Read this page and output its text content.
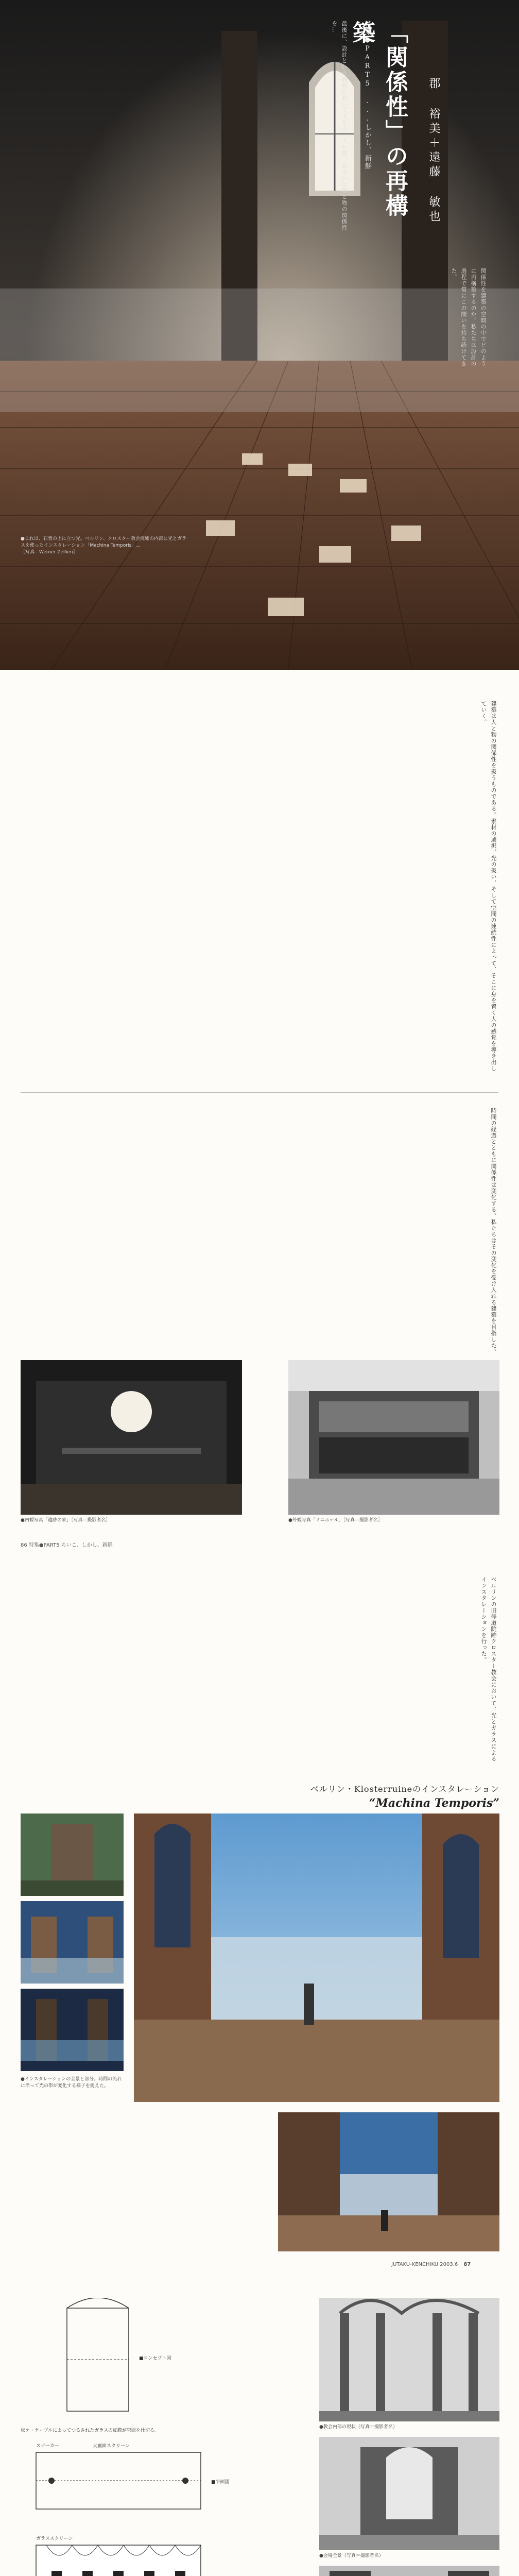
特集●PART5 ...しかし、新鮮 「関係性」の再構築
郡 裕美＋遠藤 敏也
最後に、設計という過程において人と人、人と物、あるいは物と物の関係性を…
関係性を建築の空間の中でどのように再構築するのか。私たちは設計の過程で常にこの問いを持ち続けてきた。
●これは、石畳の上に立つ光。ベルリン、クロスター教会廃墟の内部に光とガラスを使ったインスタレーション「Machina Temporis」…
［写真＝Werner Zellien］
建築は人と物の関係性を扱うものである。素材の選択、光の扱い、そして空間の連続性によって、そこに身を置く人の感覚を導き出していく。
時間の経過とともに関係性は変化する。私たちはその変化を受け入れる建築を目指した。
86 特集●PART5 ちいこ、しかし、新鮮
●内観写真「遺跡の家」［写真＝撮影者名］	●外観写真「ミニホテル」［写真＝撮影者名］
ベルリンの旧修道院跡クロスター教会において、光とガラスによるインスタレーションを行った。
ベルリン・Klosterruineのインスタレーション
“Machina Temporis”
●インスタレーションの全景と部分。時間の流れに沿って光の帯が変化する様子を捉えた。
JUTAKU-KENCHIKU 2003.6 87
■コンセプト図
松ケ・ケーブルによってつるされたガラスの皮膜が空間を仕切る。
スピーカー	大画面スクリーン
■平面図
ガラススクリーン
●教会内部の現状（写真＝撮影者名）
●会場全景（写真＝撮影者名）
